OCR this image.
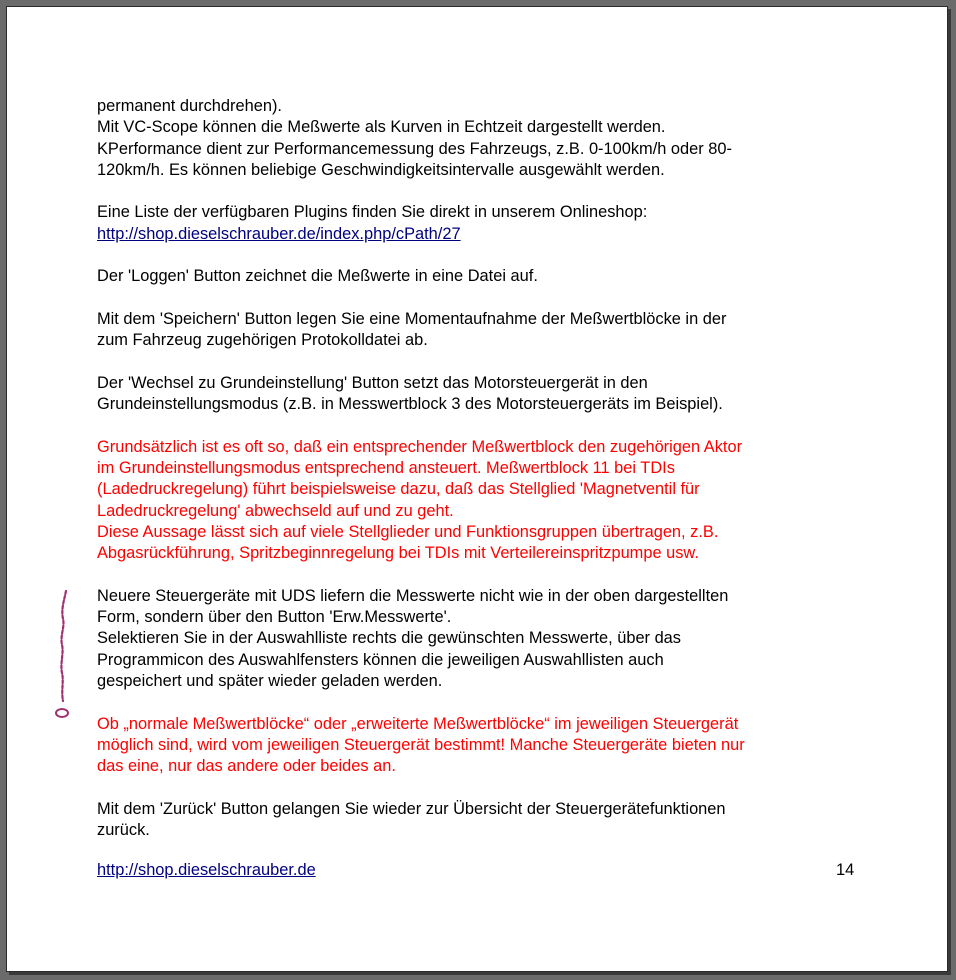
permanent durchdrehen).
Mit VC-Scope können die Meßwerte als Kurven in Echtzeit dargestellt werden.
KPerformance dient zur Performancemessung des Fahrzeugs, z.B. 0-100km/h oder 80-
120km/h. Es können beliebige Geschwindigkeitsintervalle ausgewählt werden.

Eine Liste der verfügbaren Plugins finden Sie direkt in unserem Onlineshop:
http://shop.dieselschrauber.de/index.php/cPath/27

Der 'Loggen' Button zeichnet die Meßwerte in eine Datei auf.

Mit dem 'Speichern' Button legen Sie eine Momentaufnahme der Meßwertblöcke in der
zum Fahrzeug zugehörigen Protokolldatei ab.

Der 'Wechsel zu Grundeinstellung' Button setzt das Motorsteuergerät in den
Grundeinstellungsmodus (z.B. in Messwertblock 3 des Motorsteuergeräts im Beispiel).

Grundsätzlich ist es oft so, daß ein entsprechender Meßwertblock den zugehörigen Aktor
im Grundeinstellungsmodus entsprechend ansteuert. Meßwertblock 11 bei TDIs
(Ladedruckregelung) führt beispielsweise dazu, daß das Stellglied 'Magnetventil für
Ladedruckregelung' abwechseld auf und zu geht.
Diese Aussage lässt sich auf viele Stellglieder und Funktionsgruppen übertragen, z.B.
Abgasrückführung, Spritzbeginnregelung bei TDIs mit Verteilereinspritzpumpe usw.

Neuere Steuergeräte mit UDS liefern die Messwerte nicht wie in der oben dargestellten
Form, sondern über den Button 'Erw.Messwerte'.
Selektieren Sie in der Auswahlliste rechts die gewünschten Messwerte, über das
Programmicon des Auswahlfensters können die jeweiligen Auswahllisten auch
gespeichert und später wieder geladen werden.

Ob „normale Meßwertblöcke“ oder „erweiterte Meßwertblöcke“ im jeweiligen Steuergerät
möglich sind, wird vom jeweiligen Steuergerät bestimmt! Manche Steuergeräte bieten nur
das eine, nur das andere oder beides an.

Mit dem 'Zurück' Button gelangen Sie wieder zur Übersicht der Steuergerätefunktionen
zurück.

http://shop.dieselschrauber.de	14
